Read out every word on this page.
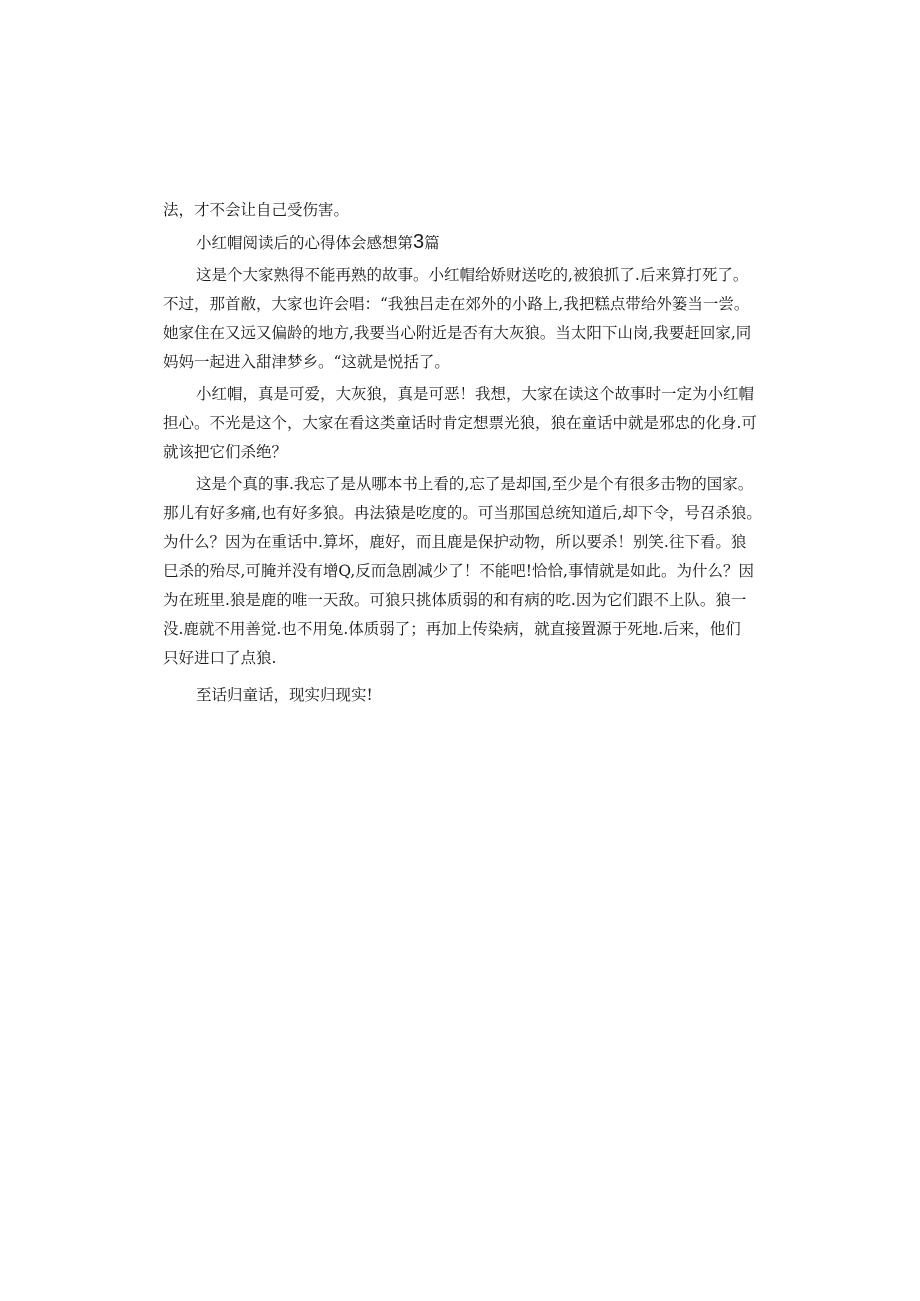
法，才不会让自己受伤害。
小红帽阅读后的心得体会感想第3篇
这是个大家熟得不能再熟的故事。小红帽给娇财送吃的,被狼抓了.后来算打死了。
不过，那首敝，大家也许会唱：“我独吕走在郊外的小路上,我把糕点带给外篓当一尝。
她家住在又远又偏龄的地方,我要当心附近是否有大灰狼。当太阳下山岗,我要赶回家,同
妈妈一起进入甜津梦乡。“这就是悦括了。
小红帽，真是可爱，大灰狼，真是可恶！我想，大家在读这个故事时一定为小红帽
担心。不光是这个，大家在看这类童话时肯定想票光狼，狼在童话中就是邪忠的化身.可
就该把它们杀绝？
这是个真的事.我忘了是从哪本书上看的,忘了是却国,至少是个有很多击物的国家。
那儿有好多痛,也有好多狼。冉法猿是吃度的。可当那国总统知道后,却下令，号召杀狼。
为什么？因为在重话中.算坏，鹿好，而且鹿是保护动物，所以要杀！别笑.往下看。狼
巳杀的殆尽,可腌并没有增Q,反而急剧减少了！不能吧!恰恰,事情就是如此。为什么？因
为在班里.狼是鹿的唯一天敌。可狼只挑体质弱的和有病的吃.因为它们跟不上队。狼一
没.鹿就不用善觉.也不用兔.体质弱了；再加上传染病，就直接置源于死地.后来，他们
只好进口了点狼.
至话归童话，现实归现实!
